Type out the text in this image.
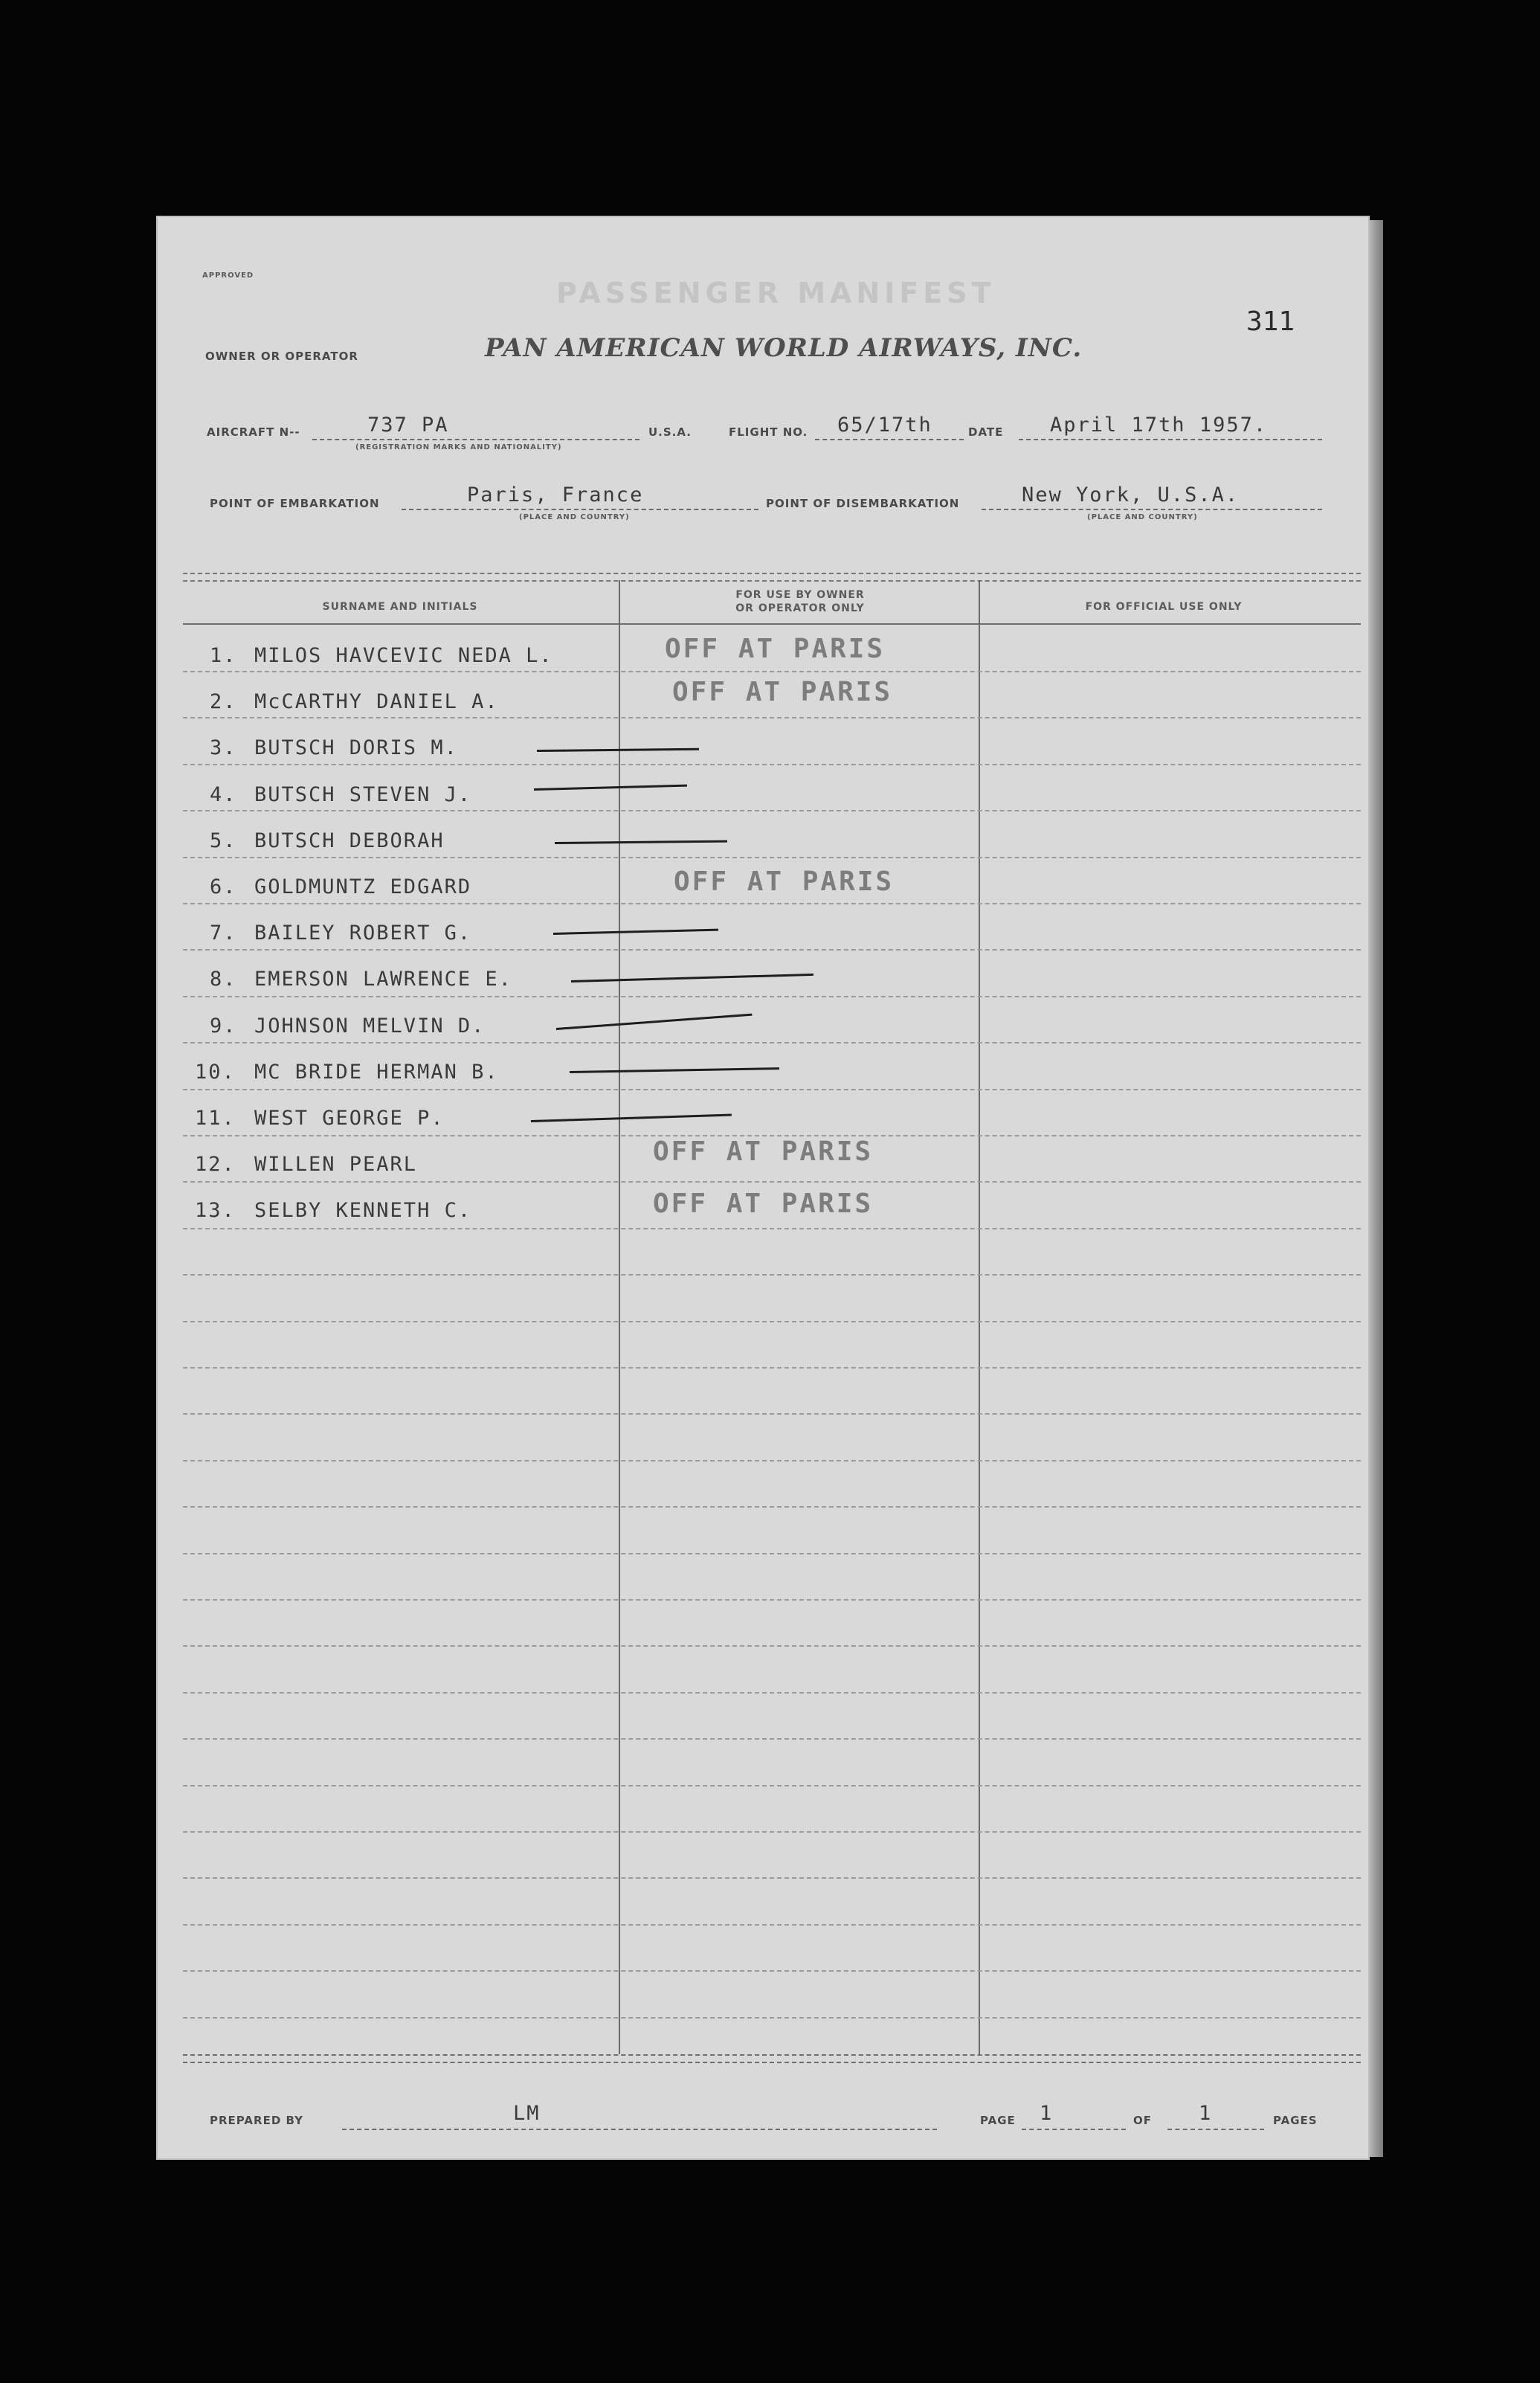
APPROVED
PASSENGER MANIFEST
311
OWNER OR OPERATOR	PAN AMERICAN WORLD AIRWAYS, INC.
AIRCRAFT N--	737 PA
(REGISTRATION MARKS AND NATIONALITY)
U.S.A.	FLIGHT NO. 65/17th	DATE April 17th 1957.
POINT OF EMBARKATION	Paris, France
(PLACE AND COUNTRY)
POINT OF DISEMBARKATION	New York, U.S.A.
(PLACE AND COUNTRY)
SURNAME AND INITIALS
FOR USE BY OWNER
OR OPERATOR ONLY	FOR OFFICIAL USE ONLY
1. MILOS HAVCEVIC NEDA L.	OFF AT PARIS
2. McCARTHY DANIEL A.	OFF AT PARIS
3. BUTSCH DORIS M.
4. BUTSCH STEVEN J.
5. BUTSCH DEBORAH
6. GOLDMUNTZ EDGARD	OFF AT PARIS
7. BAILEY ROBERT G.
8. EMERSON LAWRENCE E.
9. JOHNSON MELVIN D.
10. MC BRIDE HERMAN B.
11. WEST GEORGE P.
12. WILLEN PEARL	OFF AT PARIS
13. SELBY KENNETH C.	OFF AT PARIS
PREPARED BY	LM	PAGE 1	OF 1	PAGES
